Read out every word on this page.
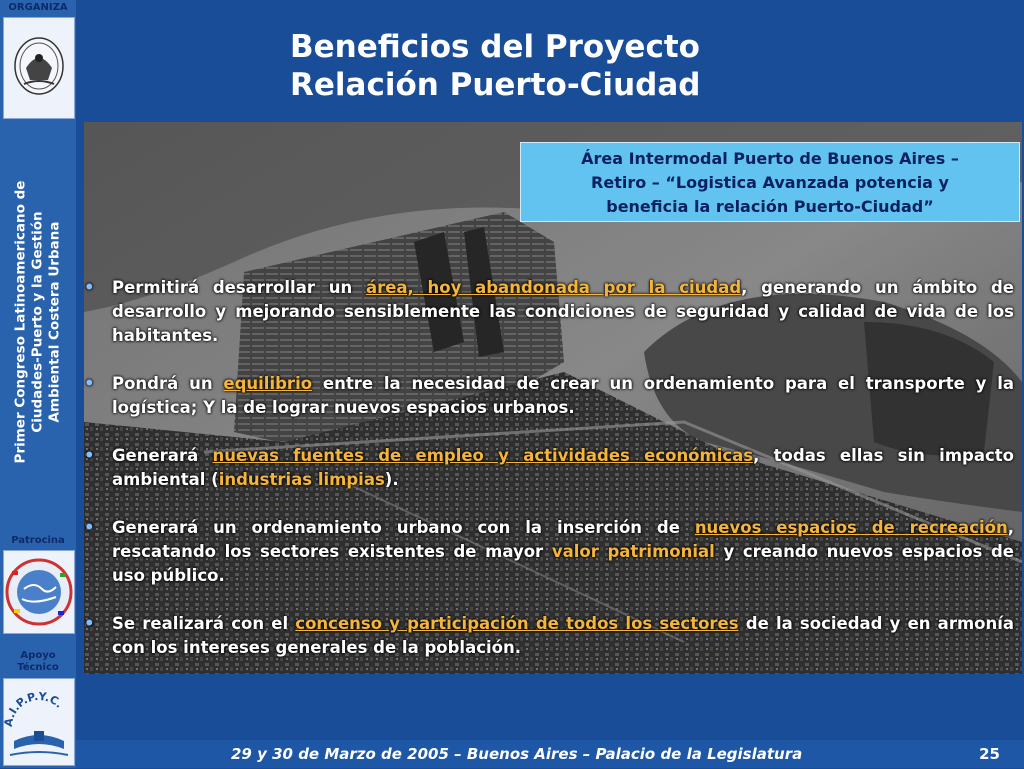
ORGANIZA
Primer Congreso Latinoamericano de Ciudades-Puerto y la Gestión Ambiental Costera Urbana
Patrocina
Apoyo
Técnico
.I.P.P.Y.C.
Beneficios del Proyecto
Relación Puerto-Ciudad
Área Intermodal Puerto de Buenos Aires –
Retiro – “Logistica Avanzada potencia y
beneficia la relación Puerto-Ciudad”
• Permitirá desarrollar un área, hoy abandonada por la ciudad, generando un ámbito de desarrollo y mejorando sensiblemente las condiciones de seguridad y calidad de vida de los habitantes.
• Pondrá un equilibrio entre la necesidad de crear un ordenamiento para el transporte y la logística; Y la de lograr nuevos espacios urbanos.
• Generará nuevas fuentes de empleo y actividades económicas, todas ellas sin impacto ambiental (industrias limpias).
• Generará un ordenamiento urbano con la inserción de nuevos espacios de recreación, rescatando los sectores existentes de mayor valor patrimonial y creando nuevos espacios de uso público.
• Se realizará con el concenso y participación de todos los sectores de la sociedad y en armonía con los intereses generales de la población.
29 y 30 de Marzo de 2005 – Buenos Aires – Palacio de la Legislatura	25
